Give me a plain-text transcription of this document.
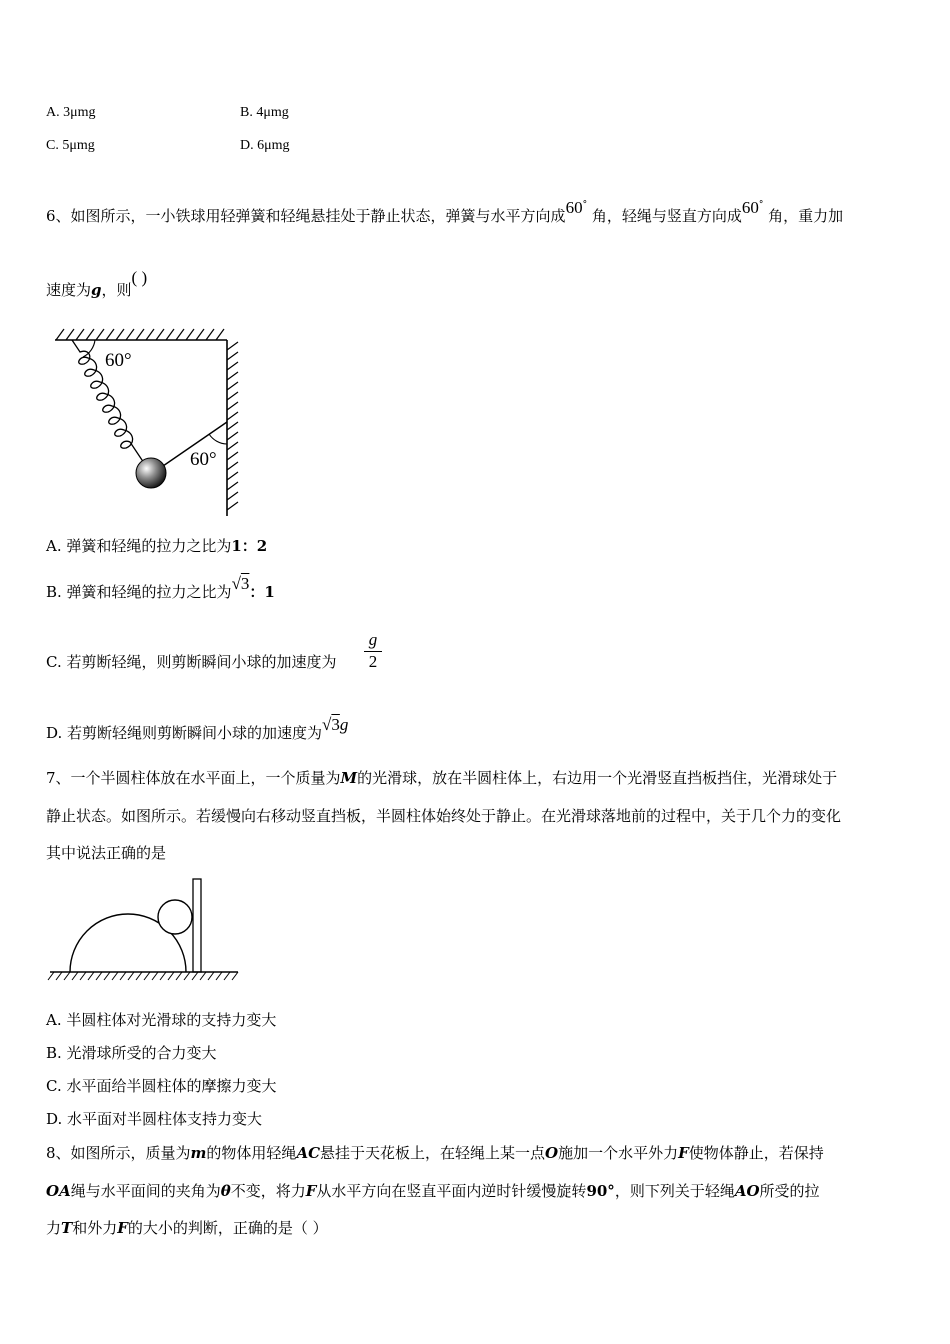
A. 3μmg	B. 4μmg
C. 5μmg	D. 6μmg
6、如图所示，一小铁球用轻弹簧和轻绳悬挂处于静止状态，弹簧与水平方向成60° 角，轻绳与竖直方向成60° 角，重力加
速度为g，则( )
60°
60°
A. 弹簧和轻绳的拉力之比为1：2
B. 弹簧和轻绳的拉力之比为√3：1
C. 若剪断轻绳，则剪断瞬间小球的加速度为 $\frac{g}{2}$
D. 若剪断轻绳则剪断瞬间小球的加速度为√3g
7、一个半圆柱体放在水平面上，一个质量为M的光滑球，放在半圆柱体上，右边用一个光滑竖直挡板挡住，光滑球处于
静止状态。如图所示。若缓慢向右移动竖直挡板，半圆柱体始终处于静止。在光滑球落地前的过程中，关于几个力的变化
其中说法正确的是
A. 半圆柱体对光滑球的支持力变大
B. 光滑球所受的合力变大
C. 水平面给半圆柱体的摩擦力变大
D. 水平面对半圆柱体支持力变大
8、如图所示，质量为m的物体用轻绳AC悬挂于天花板上，在轻绳上某一点O施加一个水平外力F使物体静止，若保持
OA绳与水平面间的夹角为θ不变，将力F从水平方向在竖直平面内逆时针缓慢旋转90°，则下列关于轻绳AO所受的拉
力T和外力F的大小的判断，正确的是（ ）
